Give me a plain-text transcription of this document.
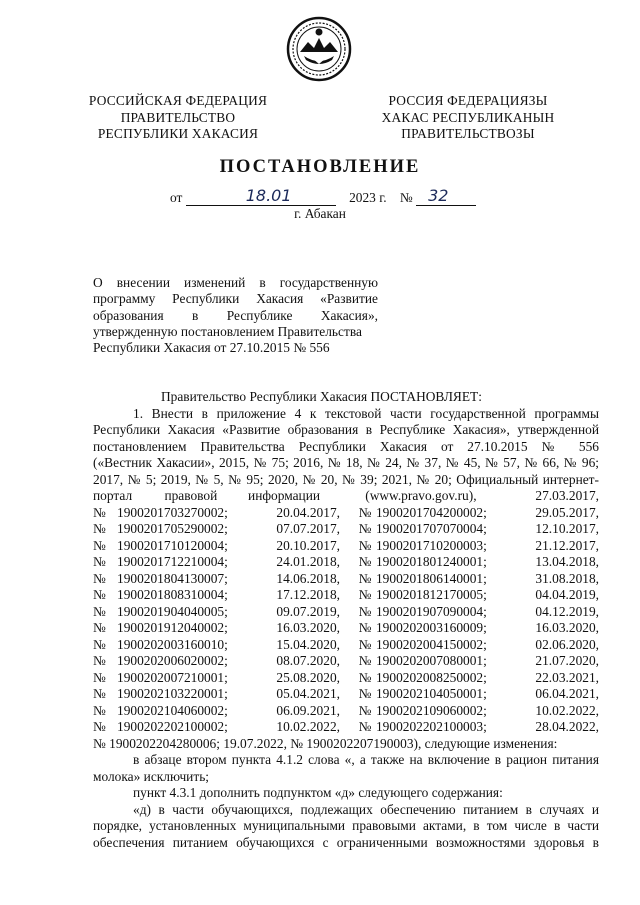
РОССИЙСКАЯ ФЕДЕРАЦИЯ
ПРАВИТЕЛЬСТВО
РЕСПУБЛИКИ ХАКАСИЯ
РОССИЯ ФЕДЕРАЦИЯЗЫ
ХАКАС РЕСПУБЛИКАНЫН
ПРАВИТЕЛЬСТВОЗЫ
ПОСТАНОВЛЕНИЕ
от	18.01	2023 г. № 32
г. Абакан
О внесении изменений в государственную
программу Республики Хакасия «Развитие
образования в Республике Хакасия»,
утвержденную постановлением Правительства
Республики Хакасия от 27.10.2015 № 556
Правительство Республики Хакасия ПОСТАНОВЛЯЕТ:
1. Внести в приложение 4 к текстовой части государственной программы
Республики Хакасия «Развитие образования в Республике Хакасия», утвержденной
постановлением Правительства Республики Хакасия от 27.10.2015 № 556
(«Вестник Хакасии», 2015, № 75; 2016, № 18, № 24, № 37, № 45, № 57, № 66, № 96;
2017, № 5; 2019, № 5, № 95; 2020, № 20, № 39; 2021, № 20; Официальный интернет-
портал	правовой	информации	(www.pravo.gov.ru),	27.03.2017,
№	1900201703270002;	20.04.2017,	№	1900201704200002;	29.05.2017,
№	1900201705290002;	07.07.2017,	№	1900201707070004;	12.10.2017,
№	1900201710120004;	20.10.2017,	№	1900201710200003;	21.12.2017,
№	1900201712210004;	24.01.2018,	№	1900201801240001;	13.04.2018,
№	1900201804130007;	14.06.2018,	№	1900201806140001;	31.08.2018,
№	1900201808310004;	17.12.2018,	№	1900201812170005;	04.04.2019,
№	1900201904040005;	09.07.2019,	№	1900201907090004;	04.12.2019,
№	1900201912040002;	16.03.2020,	№	1900202003160009;	16.03.2020,
№	1900202003160010;	15.04.2020,	№	1900202004150002;	02.06.2020,
№	1900202006020002;	08.07.2020,	№	1900202007080001;	21.07.2020,
№	1900202007210001;	25.08.2020,	№	1900202008250002;	22.03.2021,
№	1900202103220001;	05.04.2021,	№	1900202104050001;	06.04.2021,
№	1900202104060002;	06.09.2021,	№	1900202109060002;	10.02.2022,
№	1900202202100002;	10.02.2022,	№	1900202202100003;	28.04.2022,
№ 1900202204280006; 19.07.2022, № 1900202207190003), следующие изменения:
в абзаце втором пункта 4.1.2 слова «, а также на включение в рацион питания
молока» исключить;
пункт 4.3.1 дополнить подпунктом «д» следующего содержания:
«д) в части обучающихся, подлежащих обеспечению питанием в случаях и
порядке, установленных муниципальными правовыми актами, в том числе в части
обеспечения питанием обучающихся с ограниченными возможностями здоровья в
